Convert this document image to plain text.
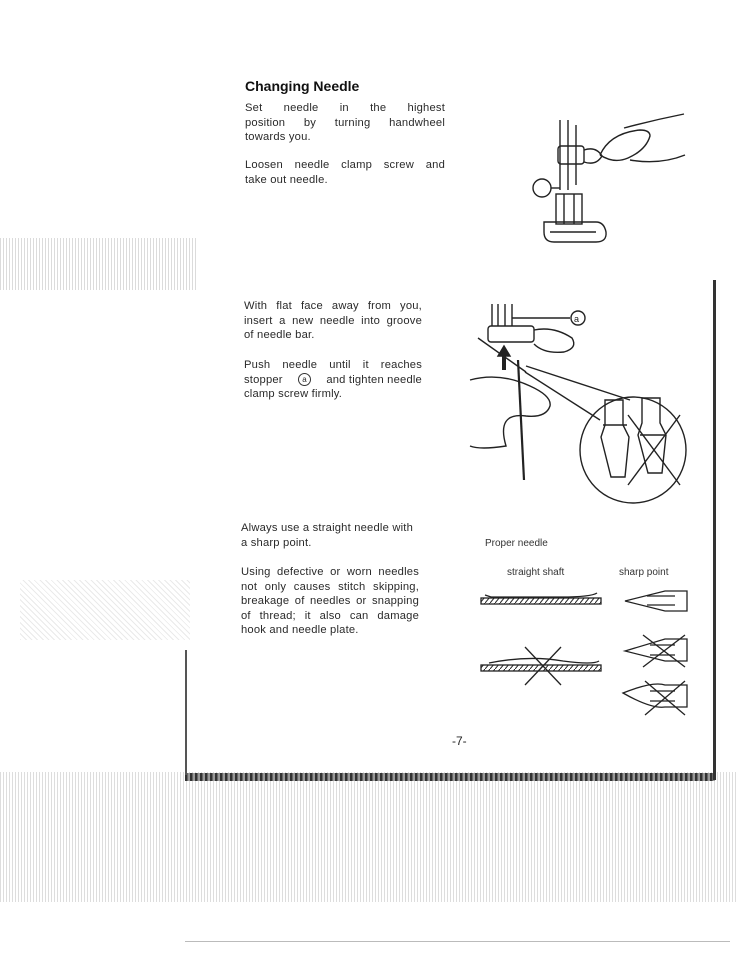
Changing Needle
Set needle in the highest
position by turning handwheel
towards you.
Loosen needle clamp screw and
take out needle.
With flat face away from you,
insert a new needle into groove
of needle bar.
Push needle until it reaches
stopper	a	and tighten needle
clamp screw firmly.
Always use a straight needle with
a sharp point.
Using defective or worn needles
not only causes stitch skipping,
breakage of needles or snapping
of thread; it also can damage
hook and needle plate.
a
Proper needle
straight shaft	sharp point
-7-
